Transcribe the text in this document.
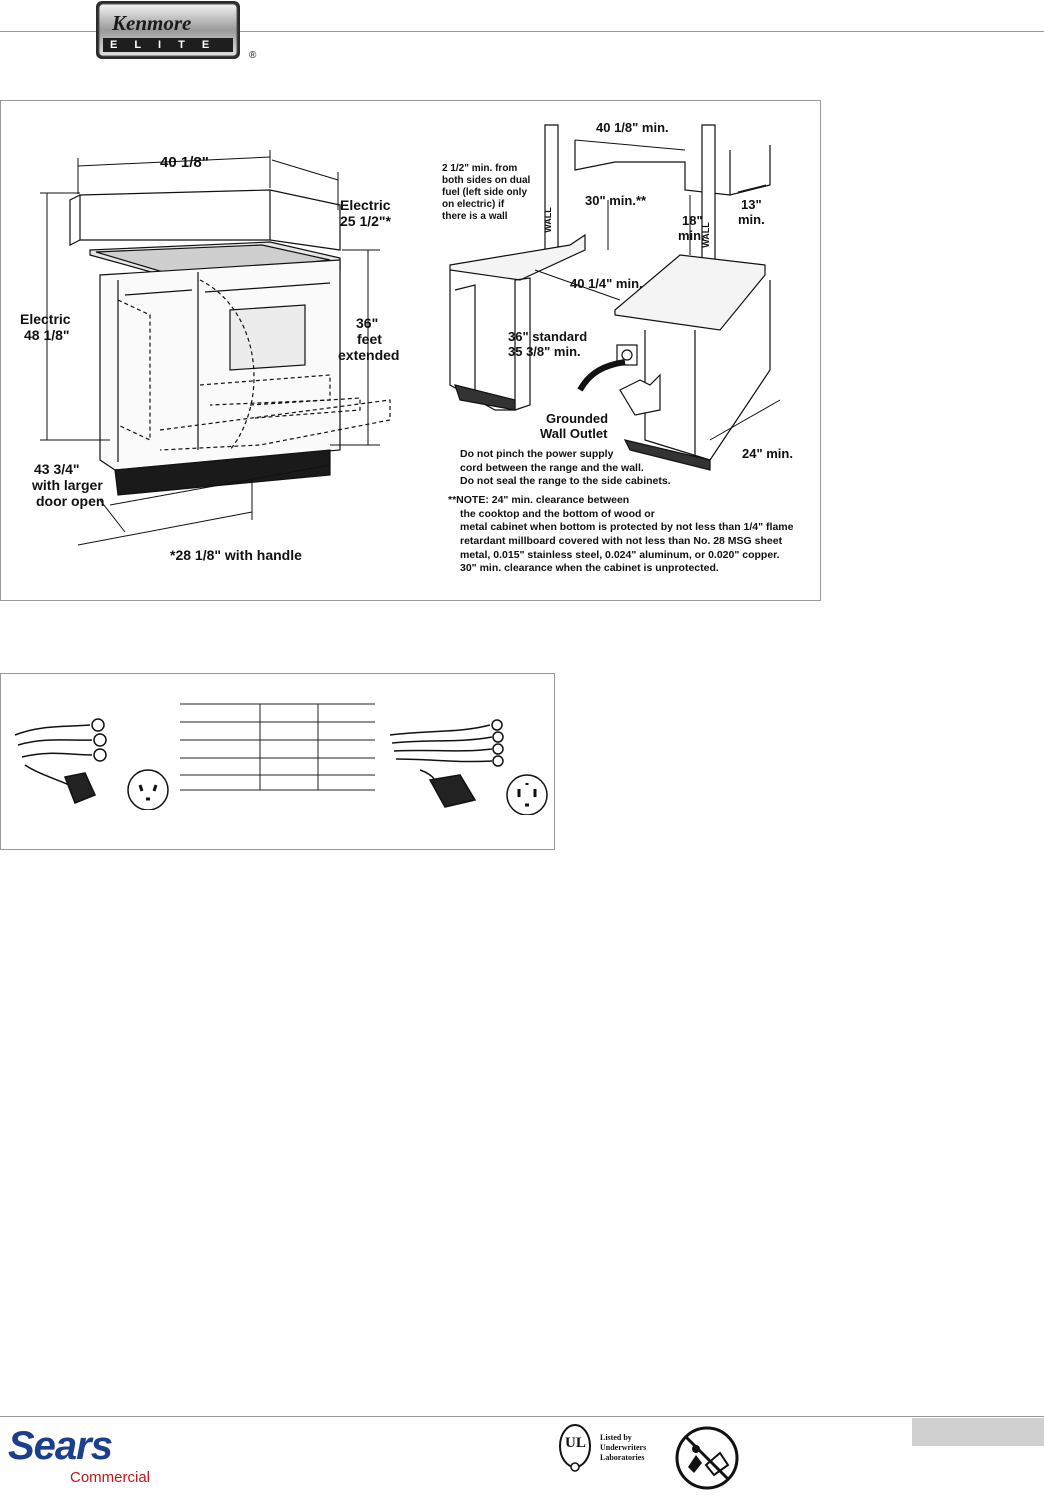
Kenmore
ELITE
®
40 1/8"
Electric
25 1/2"*
Electric
48 1/8"
36"
feet
extended
43 3/4"
with larger
door open
*28 1/8" with handle
WALL
WALL
40 1/8" min.
2 1/2" min. from
both sides on dual
fuel (left side only
on electric) if
there is a wall
30" min.**
18"
min.
13"
min.
40 1/4" min.
36" standard
35 3/8" min.
Grounded
Wall Outlet
24" min.
Do not pinch the power supply
cord between the range and the wall.
Do not seal the range to the side cabinets.
**NOTE: 24" min. clearance between
the cooktop and the bottom of wood or
metal cabinet when bottom is protected by not less than 1/4" flame
retardant millboard covered with not less than No. 28 MSG sheet
metal, 0.015" stainless steel, 0.024" aluminum, or 0.020" copper.
30" min. clearance when the cabinet is unprotected.
Sears
Commercial
UL Listed by
Underwriters
Laboratories
